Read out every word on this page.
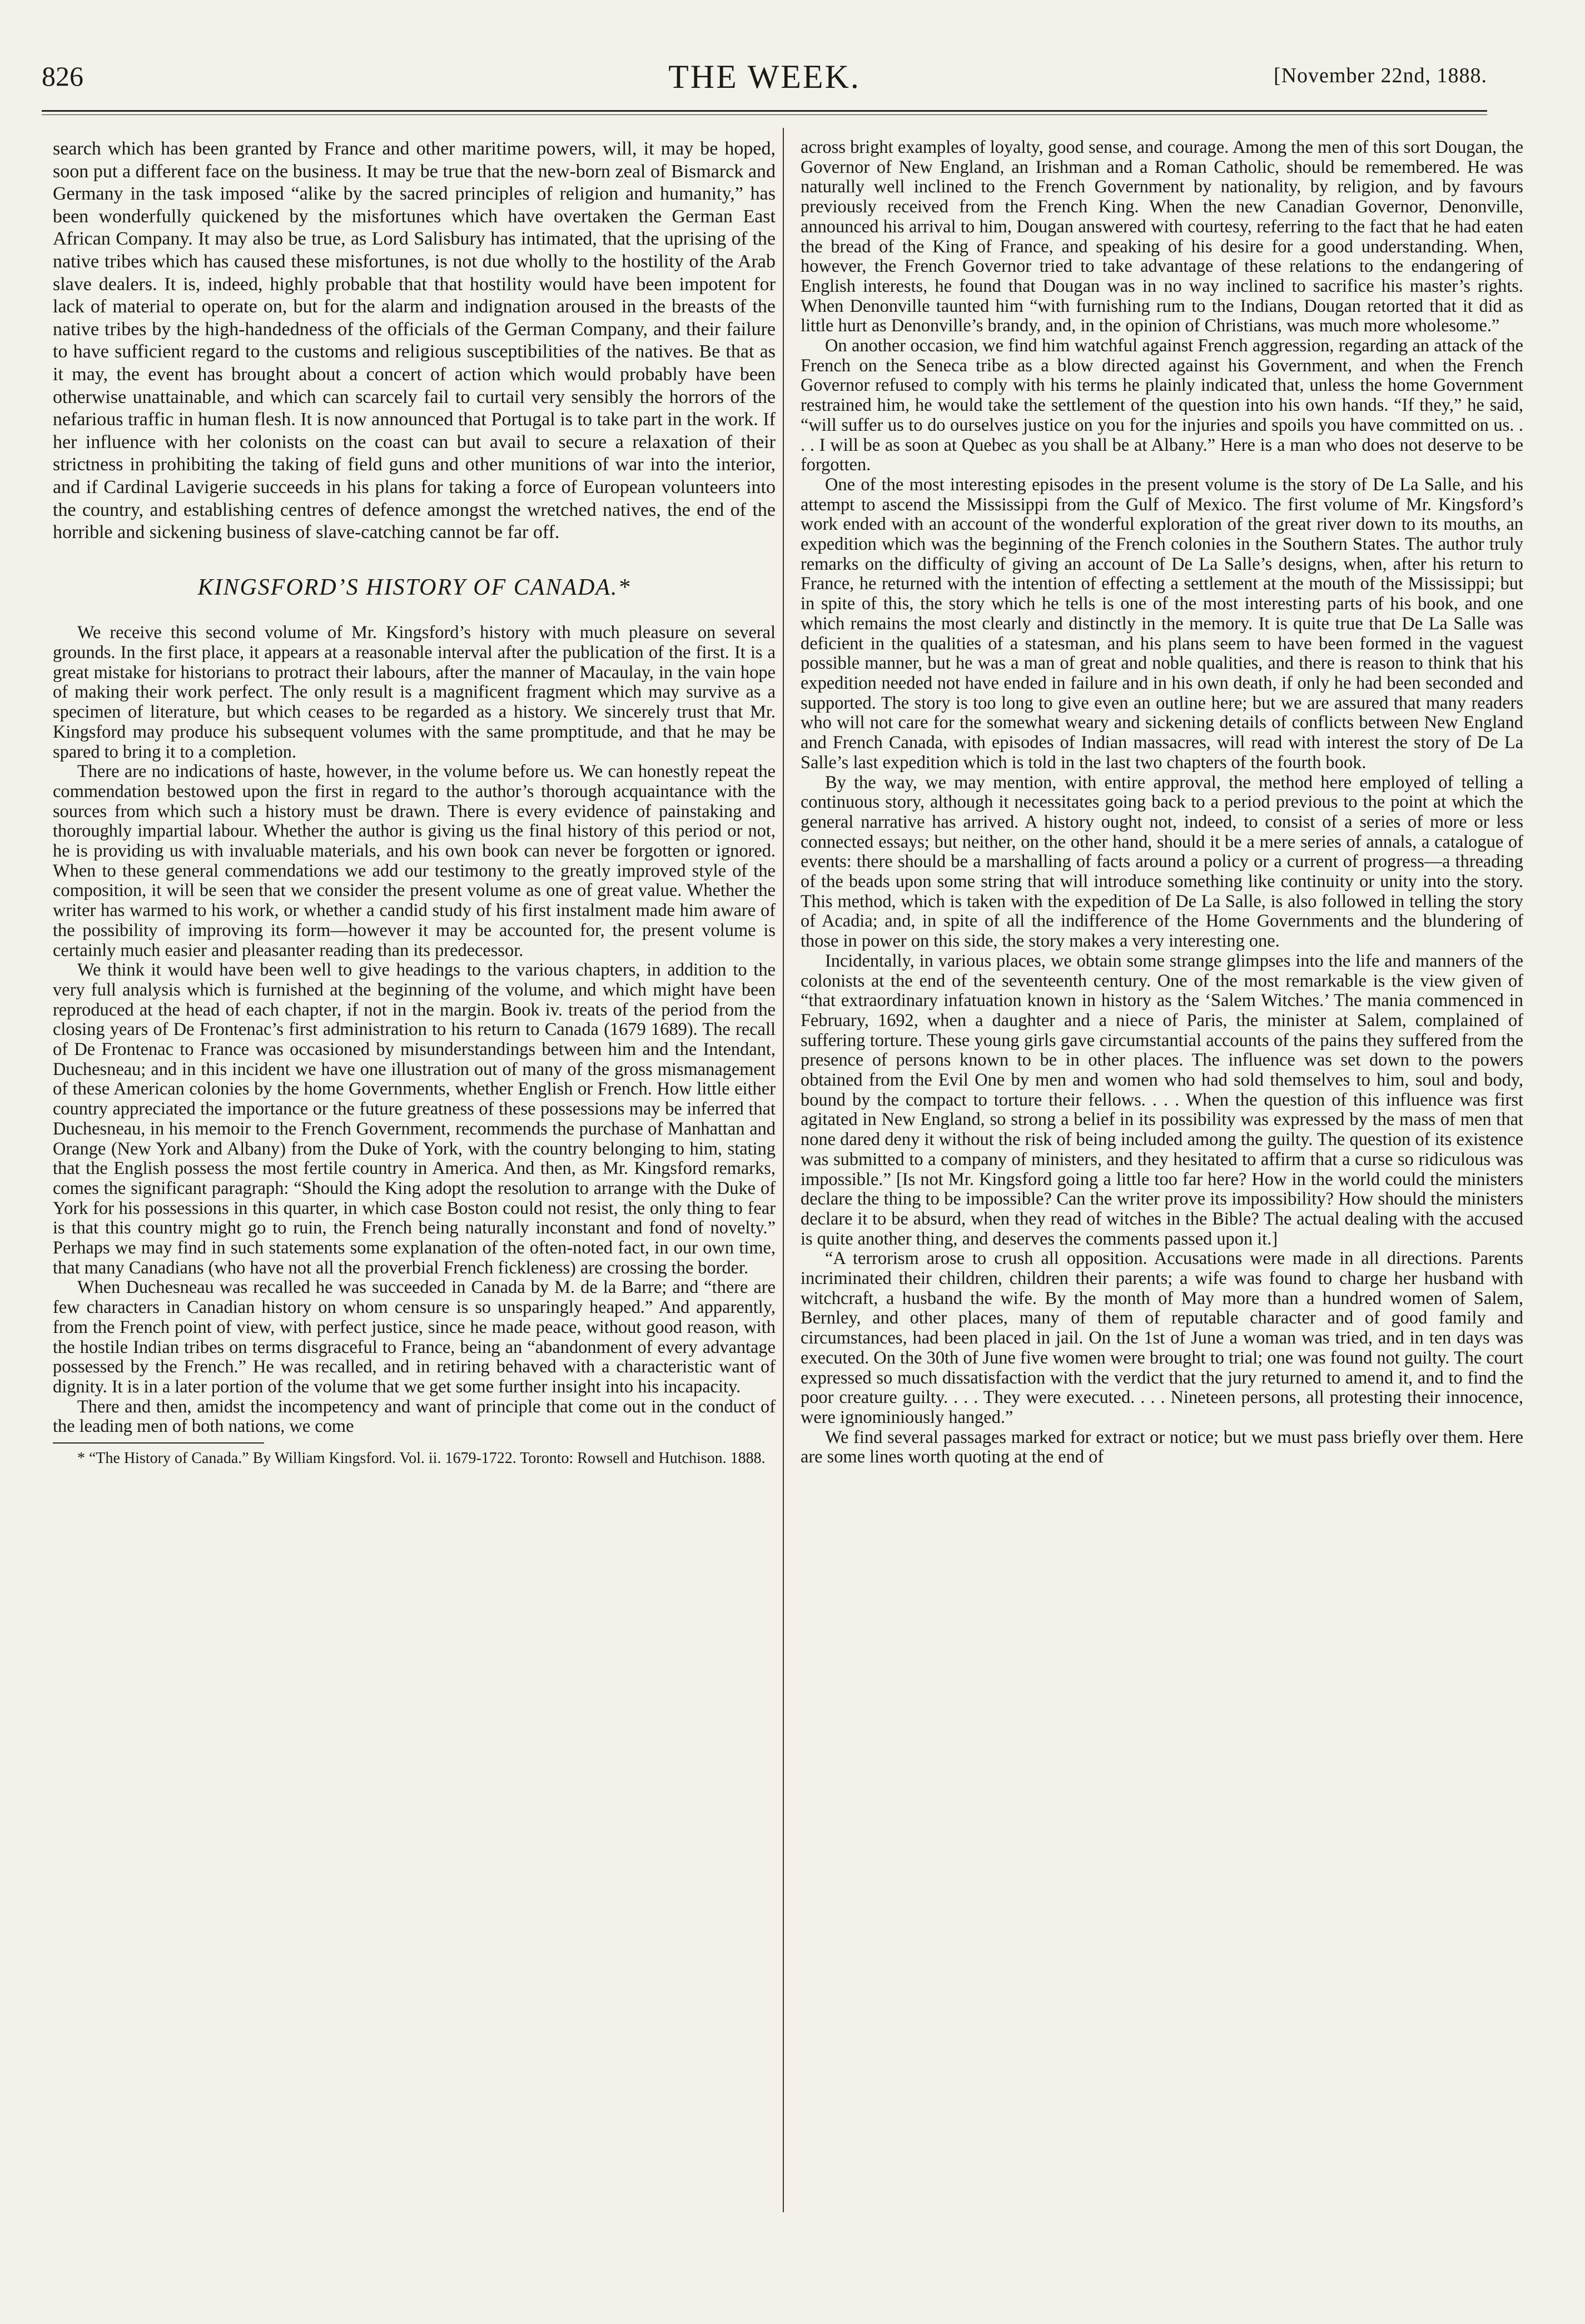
826	THE WEEK.	[November 22nd, 1888.

search which has been granted by France and other maritime powers, will, it may be hoped, soon put a different face on the business. It may be true that the new-born zeal of Bismarck and Germany in the task imposed “alike by the sacred principles of religion and humanity,” has been wonderfully quickened by the misfortunes which have overtaken the German East African Company. It may also be true, as Lord Salisbury has intimated, that the uprising of the native tribes which has caused these misfortunes, is not due wholly to the hostility of the Arab slave dealers. It is, indeed, highly probable that that hostility would have been impotent for lack of material to operate on, but for the alarm and indignation aroused in the breasts of the native tribes by the high-handedness of the officials of the German Company, and their failure to have sufficient regard to the customs and religious susceptibilities of the natives. Be that as it may, the event has brought about a concert of action which would probably have been otherwise unattainable, and which can scarcely fail to curtail very sensibly the horrors of the nefarious traffic in human flesh. It is now announced that Portugal is to take part in the work. If her influence with her colonists on the coast can but avail to secure a relaxation of their strictness in prohibiting the taking of field guns and other munitions of war into the interior, and if Cardinal Lavigerie succeeds in his plans for taking a force of European volunteers into the country, and establishing centres of defence amongst the wretched natives, the end of the horrible and sickening business of slave-catching cannot be far off.

KINGSFORD’S HISTORY OF CANADA.*

We receive this second volume of Mr. Kingsford’s history with much pleasure on several grounds. In the first place, it appears at a reasonable interval after the publication of the first. It is a great mistake for historians to protract their labours, after the manner of Macaulay, in the vain hope of making their work perfect. The only result is a magnificent fragment which may survive as a specimen of literature, but which ceases to be regarded as a history. We sincerely trust that Mr. Kingsford may produce his subsequent volumes with the same promptitude, and that he may be spared to bring it to a completion.

There are no indications of haste, however, in the volume before us. We can honestly repeat the commendation bestowed upon the first in regard to the author’s thorough acquaintance with the sources from which such a history must be drawn. There is every evidence of painstaking and thoroughly impartial labour. Whether the author is giving us the final history of this period or not, he is providing us with invaluable materials, and his own book can never be forgotten or ignored. When to these general commendations we add our testimony to the greatly improved style of the composition, it will be seen that we consider the present volume as one of great value. Whether the writer has warmed to his work, or whether a candid study of his first instalment made him aware of the possibility of improving its form—however it may be accounted for, the present volume is certainly much easier and pleasanter reading than its predecessor.

We think it would have been well to give headings to the various chapters, in addition to the very full analysis which is furnished at the beginning of the volume, and which might have been reproduced at the head of each chapter, if not in the margin. Book iv. treats of the period from the closing years of De Frontenac’s first administration to his return to Canada (1679 1689). The recall of De Frontenac to France was occasioned by misunderstandings between him and the Intendant, Duchesneau; and in this incident we have one illustration out of many of the gross mismanagement of these American colonies by the home Governments, whether English or French. How little either country appreciated the importance or the future greatness of these possessions may be inferred that Duchesneau, in his memoir to the French Government, recommends the purchase of Manhattan and Orange (New York and Albany) from the Duke of York, with the country belonging to him, stating that the English possess the most fertile country in America. And then, as Mr. Kingsford remarks, comes the significant paragraph: “Should the King adopt the resolution to arrange with the Duke of York for his possessions in this quarter, in which case Boston could not resist, the only thing to fear is that this country might go to ruin, the French being naturally inconstant and fond of novelty.” Perhaps we may find in such statements some explanation of the often-noted fact, in our own time, that many Canadians (who have not all the proverbial French fickleness) are crossing the border.

When Duchesneau was recalled he was succeeded in Canada by M. de la Barre; and “there are few characters in Canadian history on whom censure is so unsparingly heaped.” And apparently, from the French point of view, with perfect justice, since he made peace, without good reason, with the hostile Indian tribes on terms disgraceful to France, being an “abandonment of every advantage possessed by the French.” He was recalled, and in retiring behaved with a characteristic want of dignity. It is in a later portion of the volume that we get some further insight into his incapacity.

There and then, amidst the incompetency and want of principle that come out in the conduct of the leading men of both nations, we come

* “The History of Canada.” By William Kingsford. Vol. ii. 1679-1722. Toronto: Rowsell and Hutchison. 1888.

across bright examples of loyalty, good sense, and courage. Among the men of this sort Dougan, the Governor of New England, an Irishman and a Roman Catholic, should be remembered. He was naturally well inclined to the French Government by nationality, by religion, and by favours previously received from the French King. When the new Canadian Governor, Denonville, announced his arrival to him, Dougan answered with courtesy, referring to the fact that he had eaten the bread of the King of France, and speaking of his desire for a good understanding. When, however, the French Governor tried to take advantage of these relations to the endangering of English interests, he found that Dougan was in no way inclined to sacrifice his master’s rights. When Denonville taunted him “with furnishing rum to the Indians, Dougan retorted that it did as little hurt as Denonville’s brandy, and, in the opinion of Christians, was much more wholesome.”

On another occasion, we find him watchful against French aggression, regarding an attack of the French on the Seneca tribe as a blow directed against his Government, and when the French Governor refused to comply with his terms he plainly indicated that, unless the home Government restrained him, he would take the settlement of the question into his own hands. “If they,” he said, “will suffer us to do ourselves justice on you for the injuries and spoils you have committed on us. . . . I will be as soon at Quebec as you shall be at Albany.” Here is a man who does not deserve to be forgotten.

One of the most interesting episodes in the present volume is the story of De La Salle, and his attempt to ascend the Mississippi from the Gulf of Mexico. The first volume of Mr. Kingsford’s work ended with an account of the wonderful exploration of the great river down to its mouths, an expedition which was the beginning of the French colonies in the Southern States. The author truly remarks on the difficulty of giving an account of De La Salle’s designs, when, after his return to France, he returned with the intention of effecting a settlement at the mouth of the Mississippi; but in spite of this, the story which he tells is one of the most interesting parts of his book, and one which remains the most clearly and distinctly in the memory. It is quite true that De La Salle was deficient in the qualities of a statesman, and his plans seem to have been formed in the vaguest possible manner, but he was a man of great and noble qualities, and there is reason to think that his expedition needed not have ended in failure and in his own death, if only he had been seconded and supported. The story is too long to give even an outline here; but we are assured that many readers who will not care for the somewhat weary and sickening details of conflicts between New England and French Canada, with episodes of Indian massacres, will read with interest the story of De La Salle’s last expedition which is told in the last two chapters of the fourth book.

By the way, we may mention, with entire approval, the method here employed of telling a continuous story, although it necessitates going back to a period previous to the point at which the general narrative has arrived. A history ought not, indeed, to consist of a series of more or less connected essays; but neither, on the other hand, should it be a mere series of annals, a catalogue of events: there should be a marshalling of facts around a policy or a current of progress—a threading of the beads upon some string that will introduce something like continuity or unity into the story. This method, which is taken with the expedition of De La Salle, is also followed in telling the story of Acadia; and, in spite of all the indifference of the Home Governments and the blundering of those in power on this side, the story makes a very interesting one.

Incidentally, in various places, we obtain some strange glimpses into the life and manners of the colonists at the end of the seventeenth century. One of the most remarkable is the view given of “that extraordinary infatuation known in history as the ‘Salem Witches.’ The mania commenced in February, 1692, when a daughter and a niece of Paris, the minister at Salem, complained of suffering torture. These young girls gave circumstantial accounts of the pains they suffered from the presence of persons known to be in other places. The influence was set down to the powers obtained from the Evil One by men and women who had sold themselves to him, soul and body, bound by the compact to torture their fellows. . . . When the question of this influence was first agitated in New England, so strong a belief in its possibility was expressed by the mass of men that none dared deny it without the risk of being included among the guilty. The question of its existence was submitted to a company of ministers, and they hesitated to affirm that a curse so ridiculous was impossible.” [Is not Mr. Kingsford going a little too far here? How in the world could the ministers declare the thing to be impossible? Can the writer prove its impossibility? How should the ministers declare it to be absurd, when they read of witches in the Bible? The actual dealing with the accused is quite another thing, and deserves the comments passed upon it.]

“A terrorism arose to crush all opposition. Accusations were made in all directions. Parents incriminated their children, children their parents; a wife was found to charge her husband with witchcraft, a husband the wife. By the month of May more than a hundred women of Salem, Bernley, and other places, many of them of reputable character and of good family and circumstances, had been placed in jail. On the 1st of June a woman was tried, and in ten days was executed. On the 30th of June five women were brought to trial; one was found not guilty. The court expressed so much dissatisfaction with the verdict that the jury returned to amend it, and to find the poor creature guilty. . . . They were executed. . . . Nineteen persons, all protesting their innocence, were ignominiously hanged.”

We find several passages marked for extract or notice; but we must pass briefly over them. Here are some lines worth quoting at the end of
